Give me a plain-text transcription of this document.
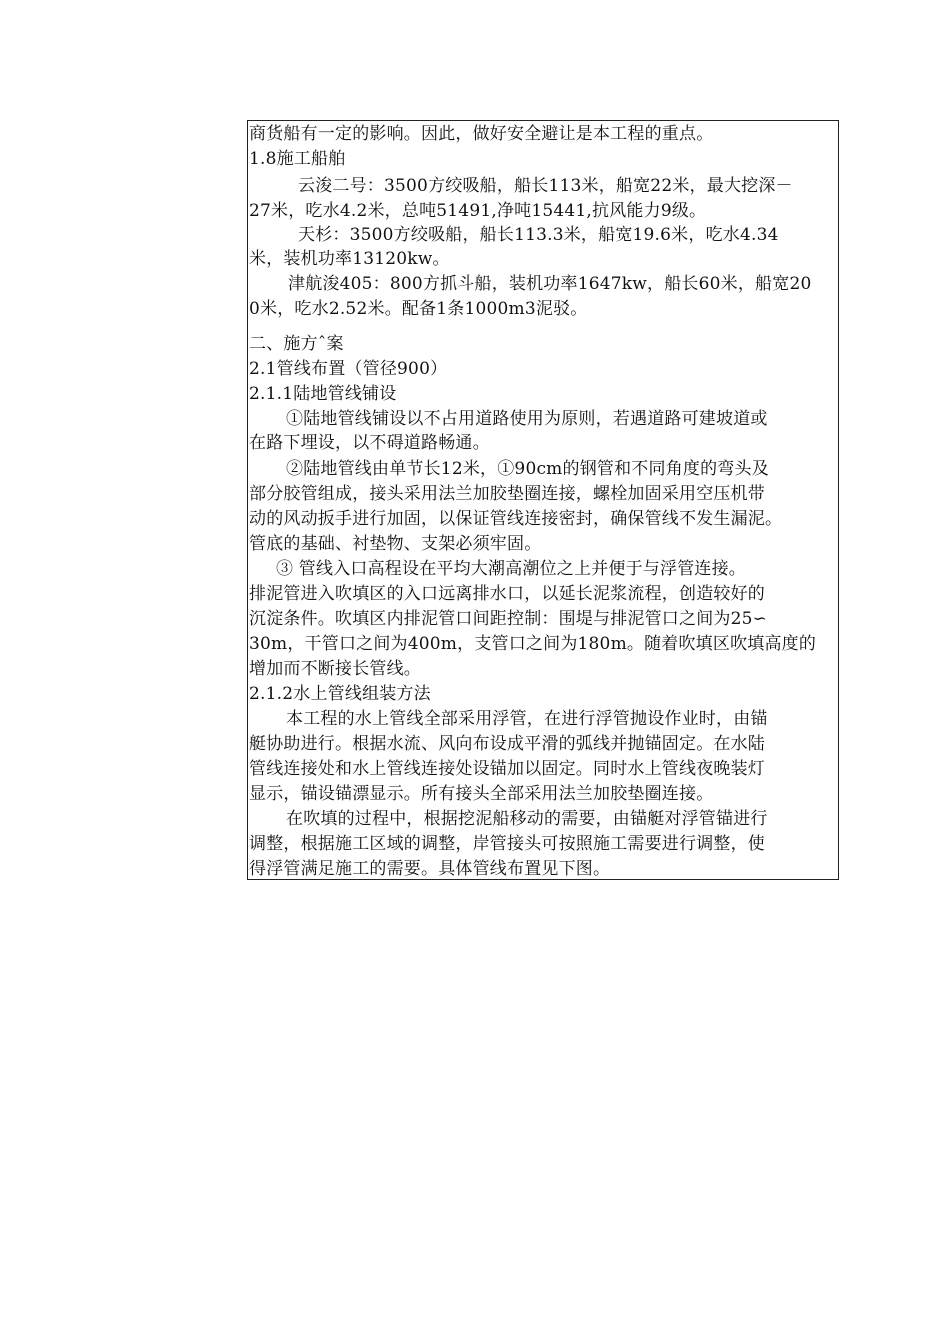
商货船有一定的影响。因此，做好安全避让是本工程的重点。
1.8施工船舶
云浚二号：3500方绞吸船，船长113米，船宽22米，最大挖深－
27米，吃水4.2米，总吨51491,净吨15441,抗风能力9级。
天杉：3500方绞吸船，船长113.3米，船宽19.6米，吃水4.34
米，装机功率13120kw。
津航浚405：800方抓斗船，装机功率1647kw，船长60米，船宽20
0米，吃水2.52米。配备1条1000m3泥驳。
二、施方ˆ案
2.1管线布置（管径900）
2.1.1陆地管线铺设
①陆地管线铺设以不占用道路使用为原则，若遇道路可建坡道或
在路下埋设，以不碍道路畅通。
②陆地管线由单节长12米，①90cm的钢管和不同角度的弯头及
部分胶管组成，接头采用法兰加胶垫圈连接，螺栓加固采用空压机带
动的风动扳手进行加固，以保证管线连接密封，确保管线不发生漏泥。
管底的基础、衬垫物、支架必须牢固。
③ 管线入口高程设在平均大潮高潮位之上并便于与浮管连接。
排泥管进入吹填区的入口远离排水口，以延长泥浆流程，创造较好的
沉淀条件。吹填区内排泥管口间距控制：围堤与排泥管口之间为25∽
30m，干管口之间为400m，支管口之间为180m。随着吹填区吹填高度的
增加而不断接长管线。
2.1.2水上管线组装方法
本工程的水上管线全部采用浮管，在进行浮管抛设作业时，由锚
艇协助进行。根据水流、风向布设成平滑的弧线并抛锚固定。在水陆
管线连接处和水上管线连接处设锚加以固定。同时水上管线夜晚装灯
显示，锚设锚漂显示。所有接头全部采用法兰加胶垫圈连接。
在吹填的过程中，根据挖泥船移动的需要，由锚艇对浮管锚进行
调整，根据施工区域的调整，岸管接头可按照施工需要进行调整，使
得浮管满足施工的需要。具体管线布置见下图。
